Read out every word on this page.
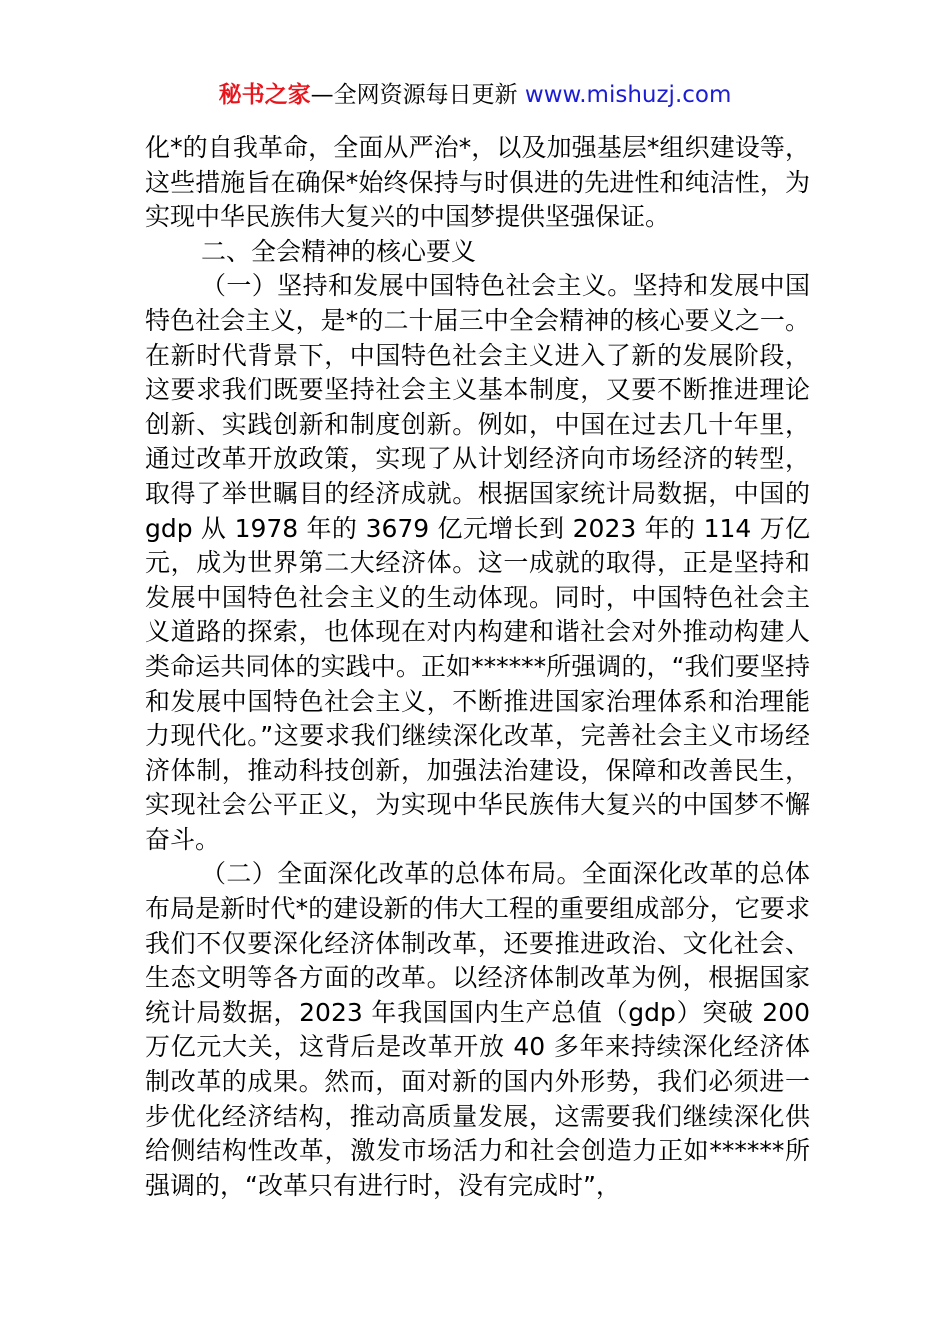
秘书之家—全网资源每日更新 www.mishuzj.com

化*的自我革命，全面从严治*，以及加强基层*组织建设等，这些措施旨在确保*始终保持与时俱进的先进性和纯洁性，为实现中华民族伟大复兴的中国梦提供坚强保证。

二、全会精神的核心要义

（一）坚持和发展中国特色社会主义。坚持和发展中国特色社会主义，是*的二十届三中全会精神的核心要义之一。在新时代背景下，中国特色社会主义进入了新的发展阶段，这要求我们既要坚持社会主义基本制度，又要不断推进理论创新、实践创新和制度创新。例如，中国在过去几十年里，通过改革开放政策，实现了从计划经济向市场经济的转型，取得了举世瞩目的经济成就。根据国家统计局数据，中国的 gdp 从 1978 年的 3679 亿元增长到 2023 年的 114 万亿元，成为世界第二大经济体。这一成就的取得，正是坚持和发展中国特色社会主义的生动体现。同时，中国特色社会主义道路的探索，也体现在对内构建和谐社会对外推动构建人类命运共同体的实践中。正如******所强调的，“我们要坚持和发展中国特色社会主义，不断推进国家治理体系和治理能力现代化。”这要求我们继续深化改革，完善社会主义市场经济体制，推动科技创新，加强法治建设，保障和改善民生，实现社会公平正义，为实现中华民族伟大复兴的中国梦不懈奋斗。

（二）全面深化改革的总体布局。全面深化改革的总体布局是新时代*的建设新的伟大工程的重要组成部分，它要求我们不仅要深化经济体制改革，还要推进政治、文化社会、生态文明等各方面的改革。以经济体制改革为例，根据国家统计局数据，2023 年我国国内生产总值（gdp）突破 200 万亿元大关，这背后是改革开放 40 多年来持续深化经济体制改革的成果。然而，面对新的国内外形势，我们必须进一步优化经济结构，推动高质量发展，这需要我们继续深化供给侧结构性改革，激发市场活力和社会创造力正如******所强调的，“改革只有进行时，没有完成时”，
